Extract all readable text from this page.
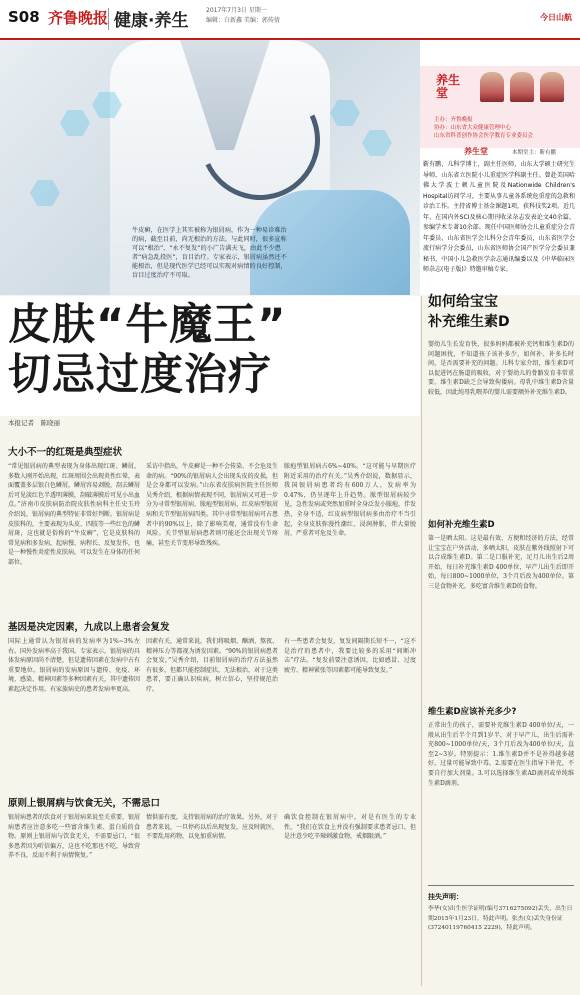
S08 齐鲁晚报 健康·养生
2017年7月3日 星期一
编辑：白新鑫 美编：郭传倩	今日山航
牛皮癣，在医学上其实被称为银屑病，作为一种易诊难治的病，截至目前，尚无根治的方法。与此同时，很多宣称可以“根治”、“永不复发”的小广告满天飞，由此不少患者“病急乱投医”，盲目治疗。专家表示，银屑病虽然还不能根治，但是现代医学已经可以实现对病情的良好控制，盲目过度治疗不可取。
养生堂
主办：齐鲁晚报
协办：山东省大众健康管理中心
山东省科普创作协会医学教育专业委员会
养生堂	本期堂主：靳有鹏
靳有鹏，儿科学博士，副主任医师，山东大学硕士研究生导师，山东省立医院小儿重症医学科副主任。曾赴美国哈佛大学波士顿儿童医院及Nationwide Children's Hospital访问学习，主要从事儿童各系统危重症的急救和诊治工作。主持省博士基金课题1项，获科技奖2项。近几年，在国内外SCI及核心期刊收录杂志发表论文40余篇，参编学术专著10余部。现任中国医师协会儿童重症分会青年委员，山东省医学会儿科分会青年委员，山东省医学会流行病学分会委员，山东省医师协会国产医学分会委员兼秘书，中国小儿急救医学杂志通讯编委以及《中华临床医师杂志(电子版)》特邀审稿专家。
皮肤“牛魔王”
切忌过度治疗
本报记者　陈晓丽
大小不一的红斑是典型症状
“常见银屑病的典型表现为身体出现红斑、鳞屑，多数人刚开始出现，红斑周围会出现炎性红晕，表面覆盖多层银白色鳞屑，鳞屑容易剥脱，刮去鳞屑后可见淡红色半透明薄膜，刮破薄膜后可见小出血点。”济南市皮肤病防治院皮肤性病科主任史玉玲介绍说，银屑病的典型特征非常好判断。银屑病是皮肤科的，主要表现为头皮、四肢等一些红色的鳞屑斑，这也就是俗称的“牛皮癣”，它是皮肤科的常见病和多发病，起病慢、病程长、反复发作，也是一种慢性炎症性皮肤病，可以发生在身体的任何部位。
采访中指出，牛皮癣是一种不会传染、不会危及生命的病。“90%的银屑病人会出现头皮的皮损，但是会身都可以发病。”山东省皮肤病医院主任医师吴秀介绍，根据病情表现不同，银屑病又可进一步分为寻常型银屑病、脓疱型银屑病、红皮病型银屑病和关节型银屑病四类。其中寻常型银屑病可占患者中的90%以上，除了影响美观，通常没有生命风险。关节型银屑病患者则可能还会出现关节疼痛，甚至关节变形导致残疾。
脓疱型银屑病占6%~40%。“这可能与早期医疗附近采用的治疗有关。”吴秀介绍说，数据显示，我国银屑病患者约有600万人，发病率为0.47%，仍呈逐年上升趋势。脓型银屑病较少见，急性发病或突然加重时全身泛发小脓疱，伴发热、全身不适，红皮病型银屑病多由治疗不当引起，全身皮肤弥漫性潮红、浸润肿胀，伴大量脱屑，严重者可危及生命。
基因是决定因素，九成以上患者会复发
国际上通常认为银屑病的发病率为1%~3%左右。国外发病率高于我国。专家表示，银屑病的具体发病原因尚不清楚，但是遗传因素在发病中占有重要地位。银屑病的发病原因与遗传、免疫、环境、感染、精神因素等多种因素有关，其中遗传因素起决定作用。有家族病史的患者发病率更高。
因素有关，通常来说，我们将吸烟、酗酒、熬夜、精神压力等都视为诱发因素。“90%的银屑病患者会复发，”吴秀介绍，目前银屑病的治疗方法虽然有很多，但都只能控制症状，无法根治，对于这类患者，要正确认识疾病，树立信心，坚持规范治疗。
有一些患者会复发，复发间隔期长短不一，“这不是治疗的患者中，我要比较多的采用“间断冲击”疗法。“复发前要注意诱因，比如感冒、过度疲劳、精神紧张等因素都可能导致复发。”
原则上银屑病与饮食无关，不需忌口
银屑病患者的饮食对于银屑病来说至关重要，银屑病患者应注意多吃一些富含维生素、蛋白质的食物。原则上银屑病与饮食无关，不需要忌口，“很多患者因为听信偏方，这也不吃那也不吃，导致营养不良，反而不利于病情恢复。”
情供需有度，支持银屑病的治疗效果。另外，对于患者来说，一旦停药以后出现复发，应及时就医，不要乱用药物，以免加重病情。
确饮食控制在银屑病中，对是有医生的专业性，“我们在饮食上并没有强制要求患者忌口，但是注意少吃辛辣刺激食物，戒烟限酒。”
如何给宝宝
补充维生素D
婴幼儿生长发育快，很多妈妈都被补充钙和维生素D的问题困扰，不知道孩子该补多少，如何补、补多长时间，是否需要补充的问题。儿科专家介绍，维生素D可以促进钙在肠道的吸收，对于婴幼儿的骨骼发育非常重要。维生素D缺乏会导致佝偻病。母乳中维生素D含量较低，因此纯母乳喂养的婴儿需要额外补充维生素D。
如何补充维生素D
第一是晒太阳。这是最有效、方便和经济的方法，经常让宝宝在户外活动，多晒太阳，皮肤在紫外线照射下可以合成维生素D。第二是口服补充，足月儿出生后2周开始，每日补充维生素D 400单位，早产儿出生后即开始，每日800~1000单位，3个月后改为400单位。第三是食物补充，多吃富含维生素D的食物。
维生素D应该补充多少?
正常出生的孩子，需要补充维生素D 400单位/天，一般从出生后半个月到1岁半，对于早产儿，出生后需补充800~1000单位/天，3个月后改为400单位/天，直至2~3岁。特别提示：1.维生素D并不是补得越多越好，过量可能导致中毒。2.需要在医生指导下补充，不要自行加大剂量。3.可以选择维生素AD滴剂或单纯维生素D滴剂。
挂失声明：
李华(女)出生医学证明(编号3716275092)丢失，出生日期2015年1月23日，特此声明。张杰(女)丢失身份证(37240119760415 2229)，特此声明。
